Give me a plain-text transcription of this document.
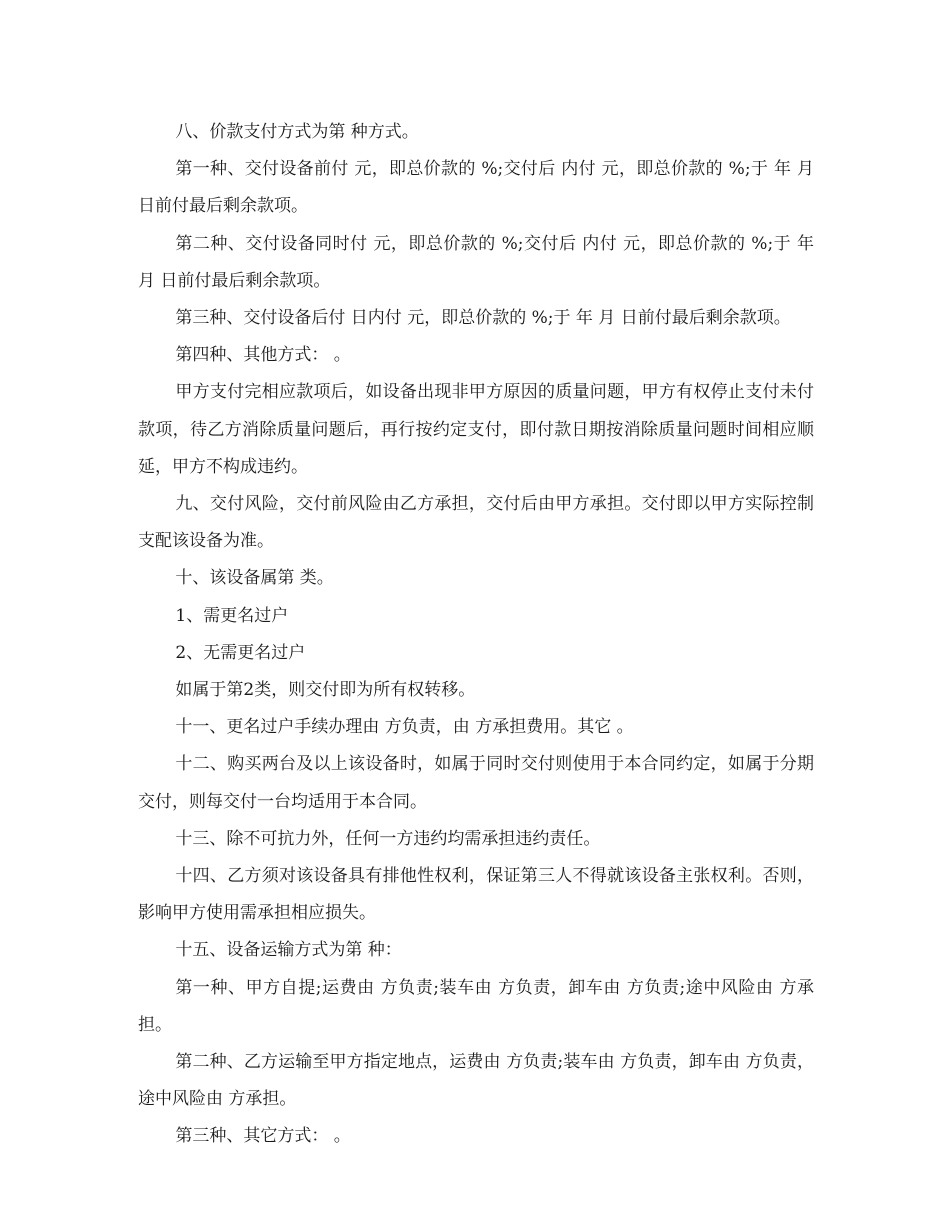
八、价款支付方式为第 种方式。

第一种、交付设备前付 元，即总价款的 %;交付后 内付 元，即总价款的 %;于 年 月 日前付最后剩余款项。

第二种、交付设备同时付 元，即总价款的 %;交付后 内付 元，即总价款的 %;于 年 月 日前付最后剩余款项。

第三种、交付设备后付 日内付 元，即总价款的 %;于 年 月 日前付最后剩余款项。

第四种、其他方式： 。

甲方支付完相应款项后，如设备出现非甲方原因的质量问题，甲方有权停止支付未付款项，待乙方消除质量问题后，再行按约定支付，即付款日期按消除质量问题时间相应顺延，甲方不构成违约。

九、交付风险，交付前风险由乙方承担，交付后由甲方承担。交付即以甲方实际控制支配该设备为准。

十、该设备属第 类。

1、需更名过户

2、无需更名过户

如属于第2类，则交付即为所有权转移。

十一、更名过户手续办理由 方负责，由 方承担费用。其它 。

十二、购买两台及以上该设备时，如属于同时交付则使用于本合同约定，如属于分期交付，则每交付一台均适用于本合同。

十三、除不可抗力外，任何一方违约均需承担违约责任。

十四、乙方须对该设备具有排他性权利，保证第三人不得就该设备主张权利。否则，影响甲方使用需承担相应损失。

十五、设备运输方式为第 种：

第一种、甲方自提;运费由 方负责;装车由 方负责，卸车由 方负责;途中风险由 方承担。

第二种、乙方运输至甲方指定地点，运费由 方负责;装车由 方负责，卸车由 方负责，途中风险由 方承担。

第三种、其它方式： 。
